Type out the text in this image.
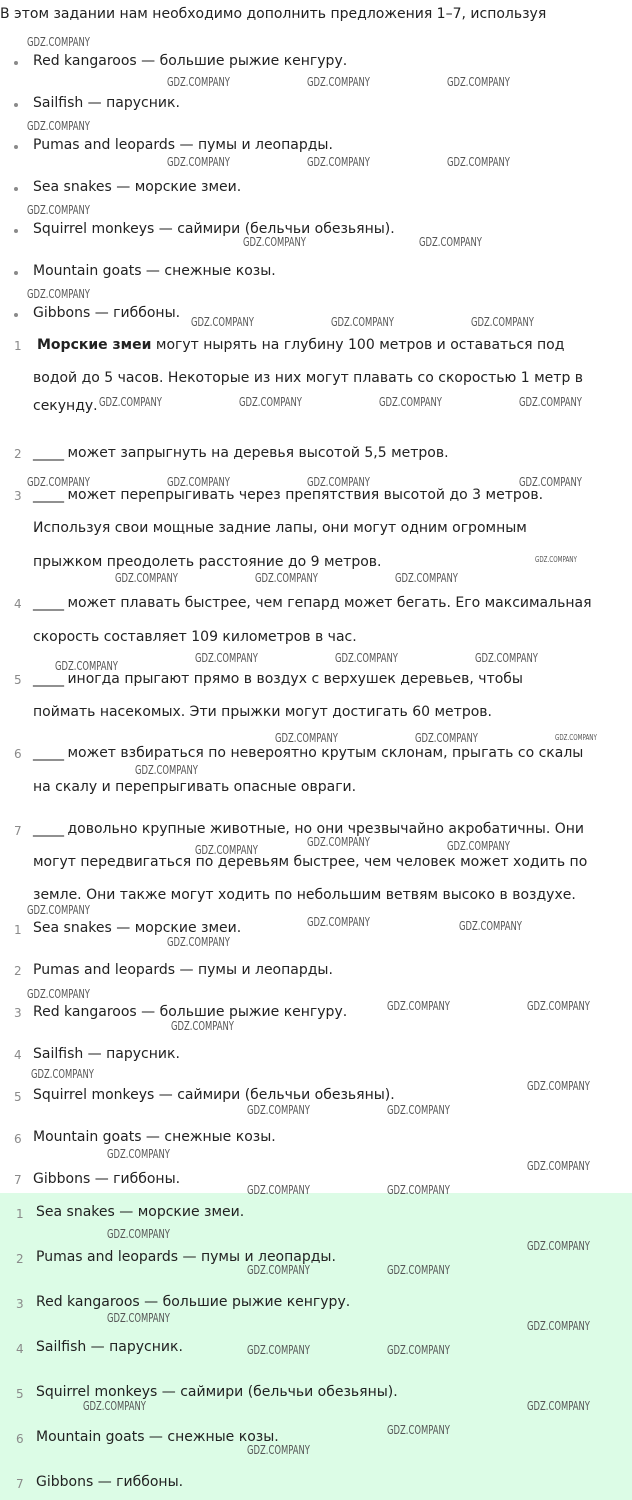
В этом задании нам необходимо дополнить предложения 1–7, используя
Red kangaroos — большие рыжие кенгуру.
Sailfish — парусник.
Pumas and leopards — пумы и леопарды.
Sea snakes — морские змеи.
Squirrel monkeys — саймири (бельчьи обезьяны).
Mountain goats — снежные козы.
Gibbons — гиббоны.
1 Морские змеи могут нырять на глубину 100 метров и оставаться под
водой до 5 часов. Некоторые из них могут плавать со скоростью 1 метр в
секунду.
2 _____ может запрыгнуть на деревья высотой 5,5 метров.
3 _____ может перепрыгивать через препятствия высотой до 3 метров.
Используя свои мощные задние лапы, они могут одним огромным
прыжком преодолеть расстояние до 9 метров.
4 _____ может плавать быстрее, чем гепард может бегать. Его максимальная
скорость составляет 109 километров в час.
5 _____ иногда прыгают прямо в воздух с верхушек деревьев, чтобы
поймать насекомых. Эти прыжки могут достигать 60 метров.
6 _____ может взбираться по невероятно крутым склонам, прыгать со скалы
на скалу и перепрыгивать опасные овраги.
7 _____ довольно крупные животные, но они чрезвычайно акробатичны. Они
могут передвигаться по деревьям быстрее, чем человек может ходить по
земле. Они также могут ходить по небольшим ветвям высоко в воздухе.
1 Sea snakes — морские змеи.
2 Pumas and leopards — пумы и леопарды.
3 Red kangaroos — большие рыжие кенгуру.
4 Sailfish — парусник.
5 Squirrel monkeys — саймири (бельчьи обезьяны).
6 Mountain goats — снежные козы.
7 Gibbons — гиббоны.
1 Sea snakes — морские змеи.
2 Pumas and leopards — пумы и леопарды.
3 Red kangaroos — большие рыжие кенгуру.
4 Sailfish — парусник.
5 Squirrel monkeys — саймири (бельчьи обезьяны).
6 Mountain goats — снежные козы.
7 Gibbons — гиббоны.
GDZ.COMPANY
GDZ.COMPANY	GDZ.COMPANY	GDZ.COMPANY
GDZ.COMPANY
GDZ.COMPANY	GDZ.COMPANY	GDZ.COMPANY
GDZ.COMPANY
GDZ.COMPANY	GDZ.COMPANY
GDZ.COMPANY
GDZ.COMPANY	GDZ.COMPANY	GDZ.COMPANY
GDZ.COMPANY	GDZ.COMPANY	GDZ.COMPANY	GDZ.COMPANY
GDZ.COMPANY	GDZ.COMPANY	GDZ.COMPANY	GDZ.COMPANY
GDZ.COMPANY
GDZ.COMPANY	GDZ.COMPANY	GDZ.COMPANY
GDZ.COMPANY	GDZ.COMPANY	GDZ.COMPANY
GDZ.COMPANY
GDZ.COMPANY	GDZ.COMPANY	GDZ.COMPANY
GDZ.COMPANY
GDZ.COMPANY
GDZ.COMPANY	GDZ.COMPANY
GDZ.COMPANY
GDZ.COMPANY	GDZ.COMPANY
GDZ.COMPANY
GDZ.COMPANY
GDZ.COMPANY	GDZ.COMPANY
GDZ.COMPANY
GDZ.COMPANY
GDZ.COMPANY
GDZ.COMPANY	GDZ.COMPANY
GDZ.COMPANY
GDZ.COMPANY
GDZ.COMPANY	GDZ.COMPANY
GDZ.COMPANY
GDZ.COMPANY
GDZ.COMPANY	GDZ.COMPANY
GDZ.COMPANY
GDZ.COMPANY
GDZ.COMPANY	GDZ.COMPANY
GDZ.COMPANY	GDZ.COMPANY
GDZ.COMPANY
GDZ.COMPANY
